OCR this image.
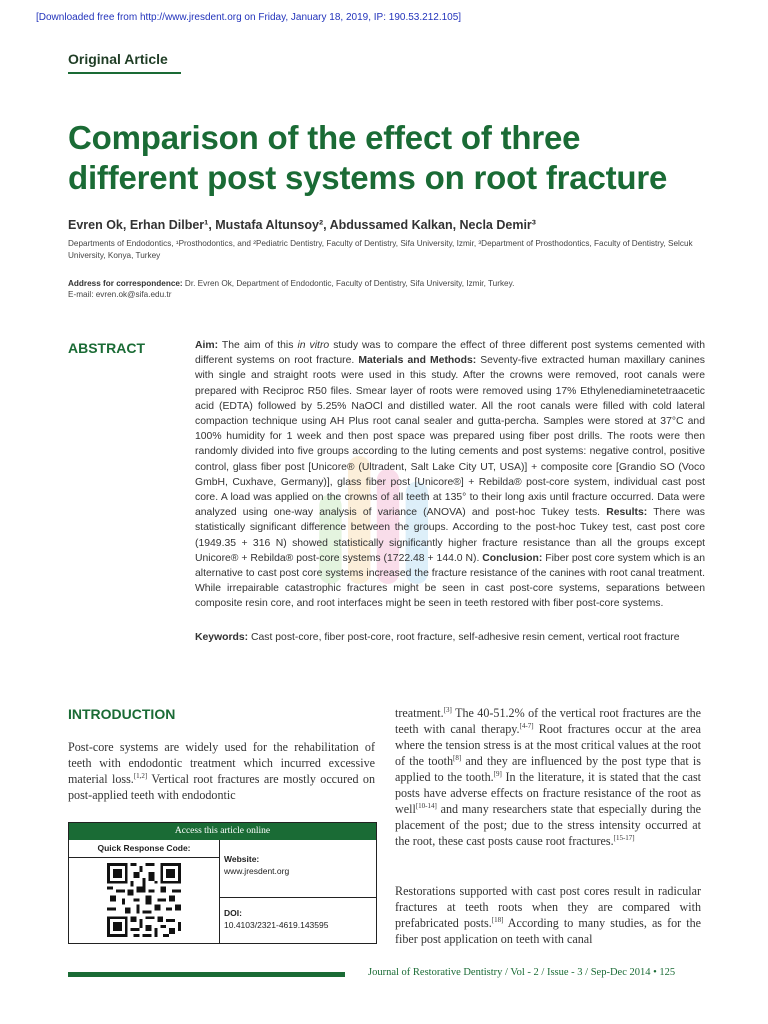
[Downloaded free from http://www.jresdent.org on Friday, January 18, 2019, IP: 190.53.212.105]
Original Article
Comparison of the effect of three different post systems on root fracture
Evren Ok, Erhan Dilber¹, Mustafa Altunsoy², Abdussamed Kalkan, Necla Demir³
Departments of Endodontics, ¹Prosthodontics, and ²Pediatric Dentistry, Faculty of Dentistry, Sifa University, Izmir, ³Department of Prosthodontics, Faculty of Dentistry, Selcuk University, Konya, Turkey
Address for correspondence: Dr. Evren Ok, Department of Endodontic, Faculty of Dentistry, Sifa University, Izmir, Turkey.
E-mail: evren.ok@sifa.edu.tr
ABSTRACT	Aim: The aim of this in vitro study was to compare the effect of three different post systems cemented with different systems on root fracture. Materials and Methods: Seventy-five extracted human maxillary canines with single and straight roots were used in this study. After the crowns were removed, root canals were prepared with Reciproc R50 files. Smear layer of roots were removed using 17% Ethylenediaminetetraacetic acid (EDTA) followed by 5.25% NaOCl and distilled water. All the root canals were filled with cold lateral compaction technique using AH Plus root canal sealer and gutta-percha. Samples were stored at 37°C and 100% humidity for 1 week and then post space was prepared using fiber post drills. The roots were then randomly divided into five groups according to the luting cements and post systems: negative control, positive control, glass fiber post [Unicore® (Ultradent, Salt Lake City UT, USA)] + composite core [Grandio SO (Voco GmbH, Cuxhave, Germany)], glass fiber post [Unicore®] + Rebilda® post-core system, individual cast post core. A load was applied on the crowns of all teeth at 135° to their long axis until fracture occurred. Data were analyzed using one-way analysis of variance (ANOVA) and post-hoc Tukey tests. Results: There was statistically significant difference between the groups. According to the post-hoc Tukey test, cast post core (1949.35 + 316 N) showed statistically significantly higher fracture resistance than all the groups except Unicore® + Rebilda® post-core systems (1722.48 + 144.0 N). Conclusion: Fiber post core system which is an alternative to cast post core systems increased the fracture resistance of the canines with root canal treatment. While irrepairable catastrophic fractures might be seen in cast post-core systems, separations between composite resin core, and root interfaces might be seen in teeth restored with fiber post-core systems.
Keywords: Cast post-core, fiber post-core, root fracture, self-adhesive resin cement, vertical root fracture
INTRODUCTION
Post-core systems are widely used for the rehabilitation of teeth with endodontic treatment which incurred excessive material loss.[1,2] Vertical root fractures are mostly occured on post-applied teeth with endodontic
Access this article online
Quick Response Code:
Website:
www.jresdent.org
DOI:
10.4103/2321-4619.143595
treatment.[3] The 40-51.2% of the vertical root fractures are the teeth with canal therapy.[4-7] Root fractures occur at the area where the tension stress is at the most critical values at the root of the tooth[8] and they are influenced by the post type that is applied to the tooth.[9] In the literature, it is stated that the cast posts have adverse effects on fracture resistance of the root as well[10-14] and many researchers state that especially during the placement of the post; due to the stress intensity occurred at the root, these cast posts cause root fractures.[15-17]
Restorations supported with cast post cores result in radicular fractures at teeth roots when they are compared with prefabricated posts.[18] According to many studies, as for the fiber post application on teeth with canal
Journal of Restorative Dentistry / Vol - 2 / Issue - 3 / Sep-Dec 2014 • 125
